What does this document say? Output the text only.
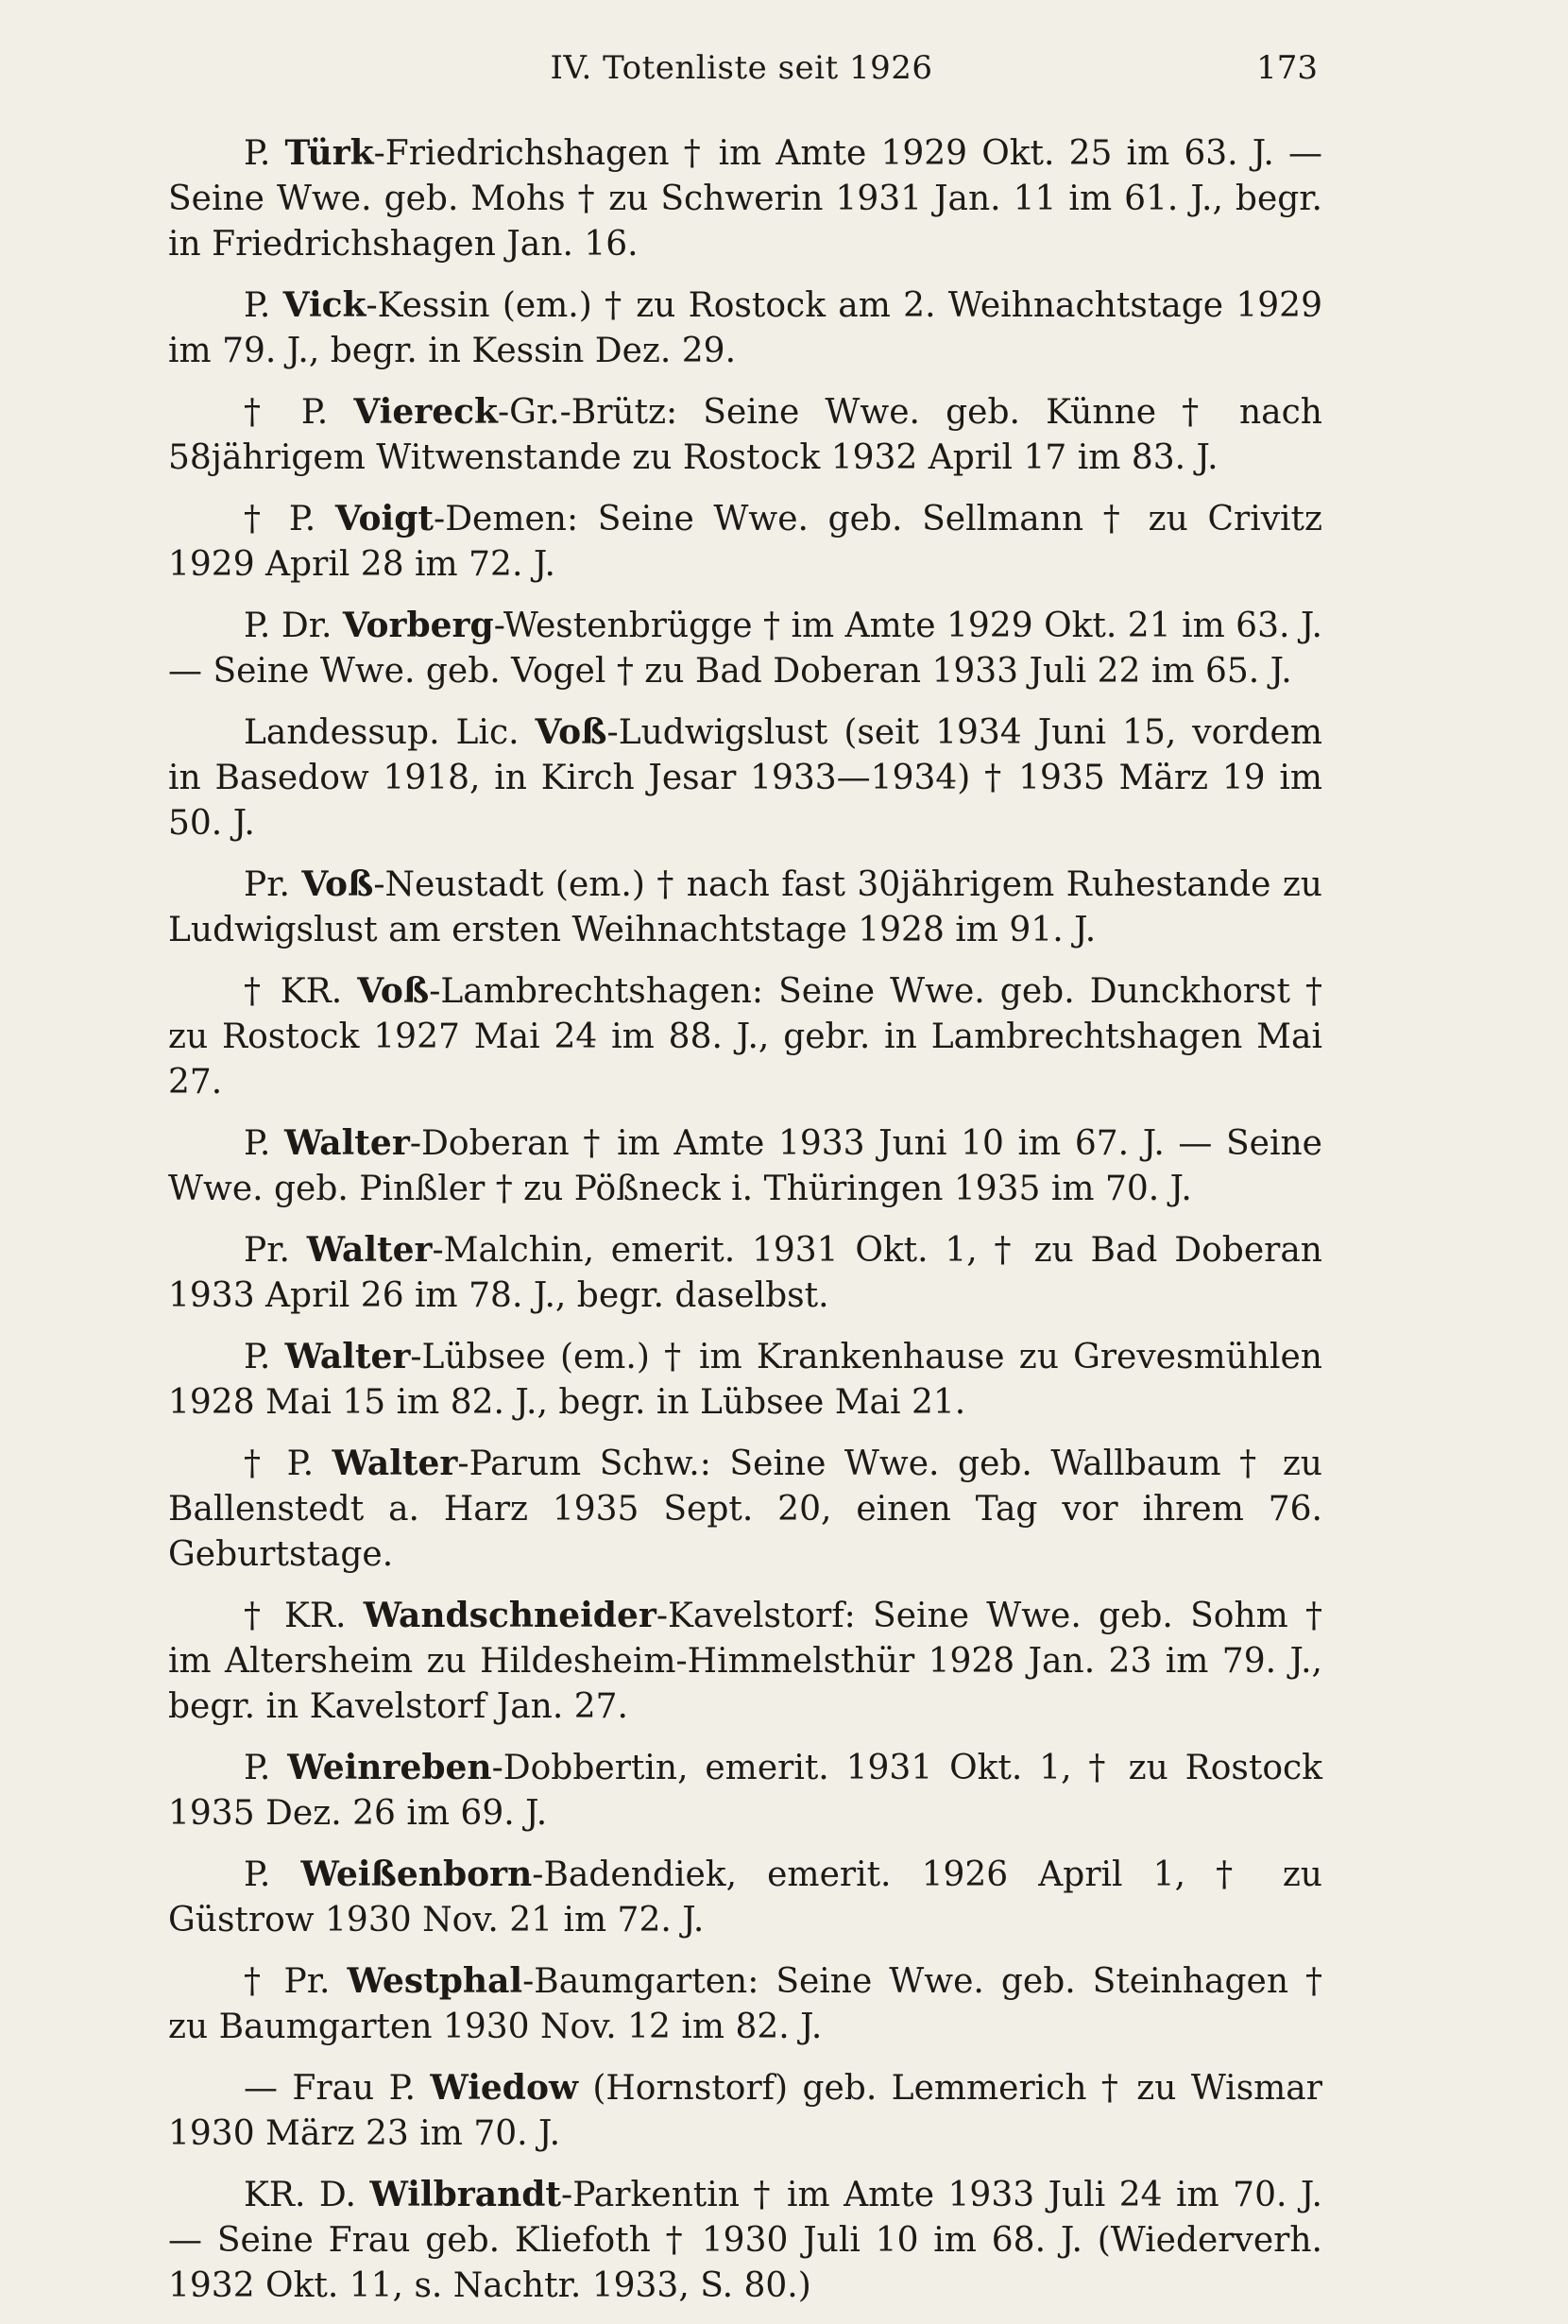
IV. Totenliste seit 1926	173

P. Türk-Friedrichshagen † im Amte 1929 Okt. 25 im 63. J. — Seine Wwe. geb. Mohs † zu Schwerin 1931 Jan. 11 im 61. J., begr. in Friedrichshagen Jan. 16.

P. Vick-Kessin (em.) † zu Rostock am 2. Weihnachtstage 1929 im 79. J., begr. in Kessin Dez. 29.

† P. Viereck-Gr.-Brütz: Seine Wwe. geb. Künne † nach 58jährigem Witwenstande zu Rostock 1932 April 17 im 83. J.

† P. Voigt-Demen: Seine Wwe. geb. Sellmann † zu Crivitz 1929 April 28 im 72. J.

P. Dr. Vorberg-Westenbrügge † im Amte 1929 Okt. 21 im 63. J. — Seine Wwe. geb. Vogel † zu Bad Doberan 1933 Juli 22 im 65. J.

Landessup. Lic. Voß-Ludwigslust (seit 1934 Juni 15, vordem in Basedow 1918, in Kirch Jesar 1933—1934) † 1935 März 19 im 50. J.

Pr. Voß-Neustadt (em.) † nach fast 30jährigem Ruhestande zu Ludwigslust am ersten Weihnachtstage 1928 im 91. J.

† KR. Voß-Lambrechtshagen: Seine Wwe. geb. Dunckhorst † zu Rostock 1927 Mai 24 im 88. J., gebr. in Lambrechtshagen Mai 27.

P. Walter-Doberan † im Amte 1933 Juni 10 im 67. J. — Seine Wwe. geb. Pinßler † zu Pößneck i. Thüringen 1935 im 70. J.

Pr. Walter-Malchin, emerit. 1931 Okt. 1, † zu Bad Doberan 1933 April 26 im 78. J., begr. daselbst.

P. Walter-Lübsee (em.) † im Krankenhause zu Grevesmühlen 1928 Mai 15 im 82. J., begr. in Lübsee Mai 21.

† P. Walter-Parum Schw.: Seine Wwe. geb. Wallbaum † zu Ballenstedt a. Harz 1935 Sept. 20, einen Tag vor ihrem 76. Geburtstage.

† KR. Wandschneider-Kavelstorf: Seine Wwe. geb. Sohm † im Altersheim zu Hildesheim-Himmelsthür 1928 Jan. 23 im 79. J., begr. in Kavelstorf Jan. 27.

P. Weinreben-Dobbertin, emerit. 1931 Okt. 1, † zu Rostock 1935 Dez. 26 im 69. J.

P. Weißenborn-Badendiek, emerit. 1926 April 1, † zu Güstrow 1930 Nov. 21 im 72. J.

† Pr. Westphal-Baumgarten: Seine Wwe. geb. Steinhagen † zu Baumgarten 1930 Nov. 12 im 82. J.

— Frau P. Wiedow (Hornstorf) geb. Lemmerich † zu Wismar 1930 März 23 im 70. J.

KR. D. Wilbrandt-Parkentin † im Amte 1933 Juli 24 im 70. J. — Seine Frau geb. Kliefoth † 1930 Juli 10 im 68. J. (Wiederverh. 1932 Okt. 11, s. Nachtr. 1933, S. 80.)
